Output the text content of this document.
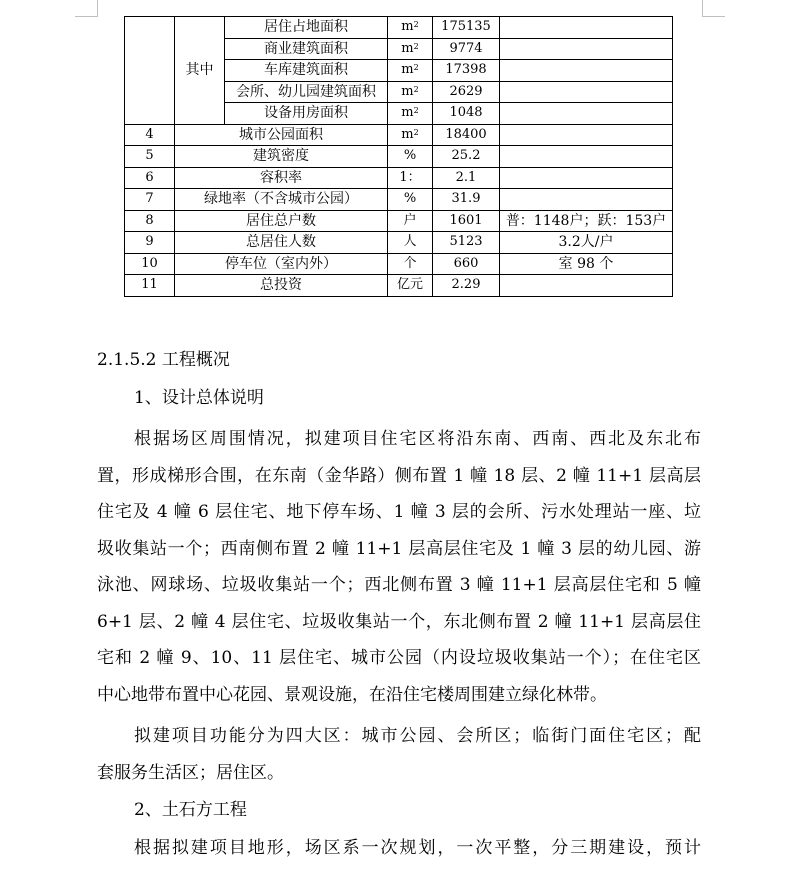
	其中	居住占地面积	$m^2$	175135	
		商业建筑面积	$m^2$	9774	
		车库建筑面积	$m^2$	17398	
		会所、幼儿园建筑面积	$m^2$	2629	
		设备用房面积	$m^2$	1048	
4	城市公园面积		$m^2$	18400	
5	建筑密度		%	25.2	
6	容积率		1：	2.1	
7	绿地率（不含城市公园）		%	31.9	
8	居住总户数		户	1601	普：1148户；跃：153户
9	总居住人数		人	5123	3.2人/户
10	停车位（室内外）		个	660	室 98 个
11	总投资		亿元	2.29	
2.1.5.2 工程概况
1、设计总体说明
根据场区周围情况，拟建项目住宅区将沿东南、西南、西北及东北布
置，形成梯形合围，在东南（金华路）侧布置 1 幢 18 层、2 幢 11+1 层高层
住宅及 4 幢 6 层住宅、地下停车场、1 幢 3 层的会所、污水处理站一座、垃
圾收集站一个；西南侧布置 2 幢 11+1 层高层住宅及 1 幢 3 层的幼儿园、游
泳池、网球场、垃圾收集站一个；西北侧布置 3 幢 11+1 层高层住宅和 5 幢
6+1 层、2 幢 4 层住宅、垃圾收集站一个，东北侧布置 2 幢 11+1 层高层住
宅和 2 幢 9、10、11 层住宅、城市公园（内设垃圾收集站一个）；在住宅区
中心地带布置中心花园、景观设施，在沿住宅楼周围建立绿化林带。
拟建项目功能分为四大区：城市公园、会所区；临街门面住宅区；配
套服务生活区；居住区。
2、土石方工程
根据拟建项目地形，场区系一次规划，一次平整，分三期建设，预计
